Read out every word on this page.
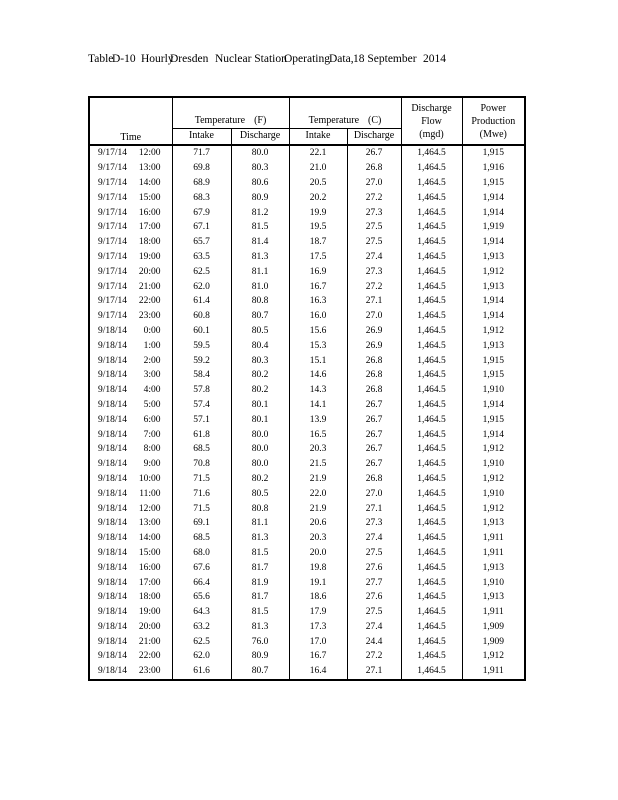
Table
D-10 Hourly
Dresden Nuclear Station
Operating Data, 18 September 2014
Time	
Temperature (F)	Temperature (C)

Discharge
Flow
(mgd)

Power
Production
(Mwe)

	Intake	Discharge	Intake	Discharge		

9/17/14 12:00	71.7	80.0	22.1	26.7	1,464.5	1,915

9/17/14 13:00	69.8	80.3	21.0	26.8	1,464.5	1,916

9/17/14 14:00	68.9	80.6	20.5	27.0	1,464.5	1,915

9/17/14 15:00	68.3	80.9	20.2	27.2	1,464.5	1,914

9/17/14 16:00	67.9	81.2	19.9	27.3	1,464.5	1,914

9/17/14 17:00	67.1	81.5	19.5	27.5	1,464.5	1,919

9/17/14 18:00	65.7	81.4	18.7	27.5	1,464.5	1,914

9/17/14 19:00	63.5	81.3	17.5	27.4	1,464.5	1,913

9/17/14 20:00	62.5	81.1	16.9	27.3	1,464.5	1,912

9/17/14 21:00	62.0	81.0	16.7	27.2	1,464.5	1,913

9/17/14 22:00	61.4	80.8	16.3	27.1	1,464.5	1,914

9/17/14 23:00	60.8	80.7	16.0	27.0	1,464.5	1,914

9/18/14 0:00	60.1	80.5	15.6	26.9	1,464.5	1,912

9/18/14 1:00	59.5	80.4	15.3	26.9	1,464.5	1,913

9/18/14 2:00	59.2	80.3	15.1	26.8	1,464.5	1,915

9/18/14 3:00	58.4	80.2	14.6	26.8	1,464.5	1,915

9/18/14 4:00	57.8	80.2	14.3	26.8	1,464.5	1,910

9/18/14 5:00	57.4	80.1	14.1	26.7	1,464.5	1,914

9/18/14 6:00	57.1	80.1	13.9	26.7	1,464.5	1,915

9/18/14 7:00	61.8	80.0	16.5	26.7	1,464.5	1,914

9/18/14 8:00	68.5	80.0	20.3	26.7	1,464.5	1,912

9/18/14 9:00	70.8	80.0	21.5	26.7	1,464.5	1,910

9/18/14 10:00	71.5	80.2	21.9	26.8	1,464.5	1,912

9/18/14 11:00	71.6	80.5	22.0	27.0	1,464.5	1,910

9/18/14 12:00	71.5	80.8	21.9	27.1	1,464.5	1,912

9/18/14 13:00	69.1	81.1	20.6	27.3	1,464.5	1,913

9/18/14 14:00	68.5	81.3	20.3	27.4	1,464.5	1,911

9/18/14 15:00	68.0	81.5	20.0	27.5	1,464.5	1,911

9/18/14 16:00	67.6	81.7	19.8	27.6	1,464.5	1,913

9/18/14 17:00	66.4	81.9	19.1	27.7	1,464.5	1,910

9/18/14 18:00	65.6	81.7	18.6	27.6	1,464.5	1,913

9/18/14 19:00	64.3	81.5	17.9	27.5	1,464.5	1,911

9/18/14 20:00	63.2	81.3	17.3	27.4	1,464.5	1,909

9/18/14 21:00	62.5	76.0	17.0	24.4	1,464.5	1,909

9/18/14 22:00	62.0	80.9	16.7	27.2	1,464.5	1,912

9/18/14 23:00	61.6	80.7	16.4	27.1	1,464.5	1,911
